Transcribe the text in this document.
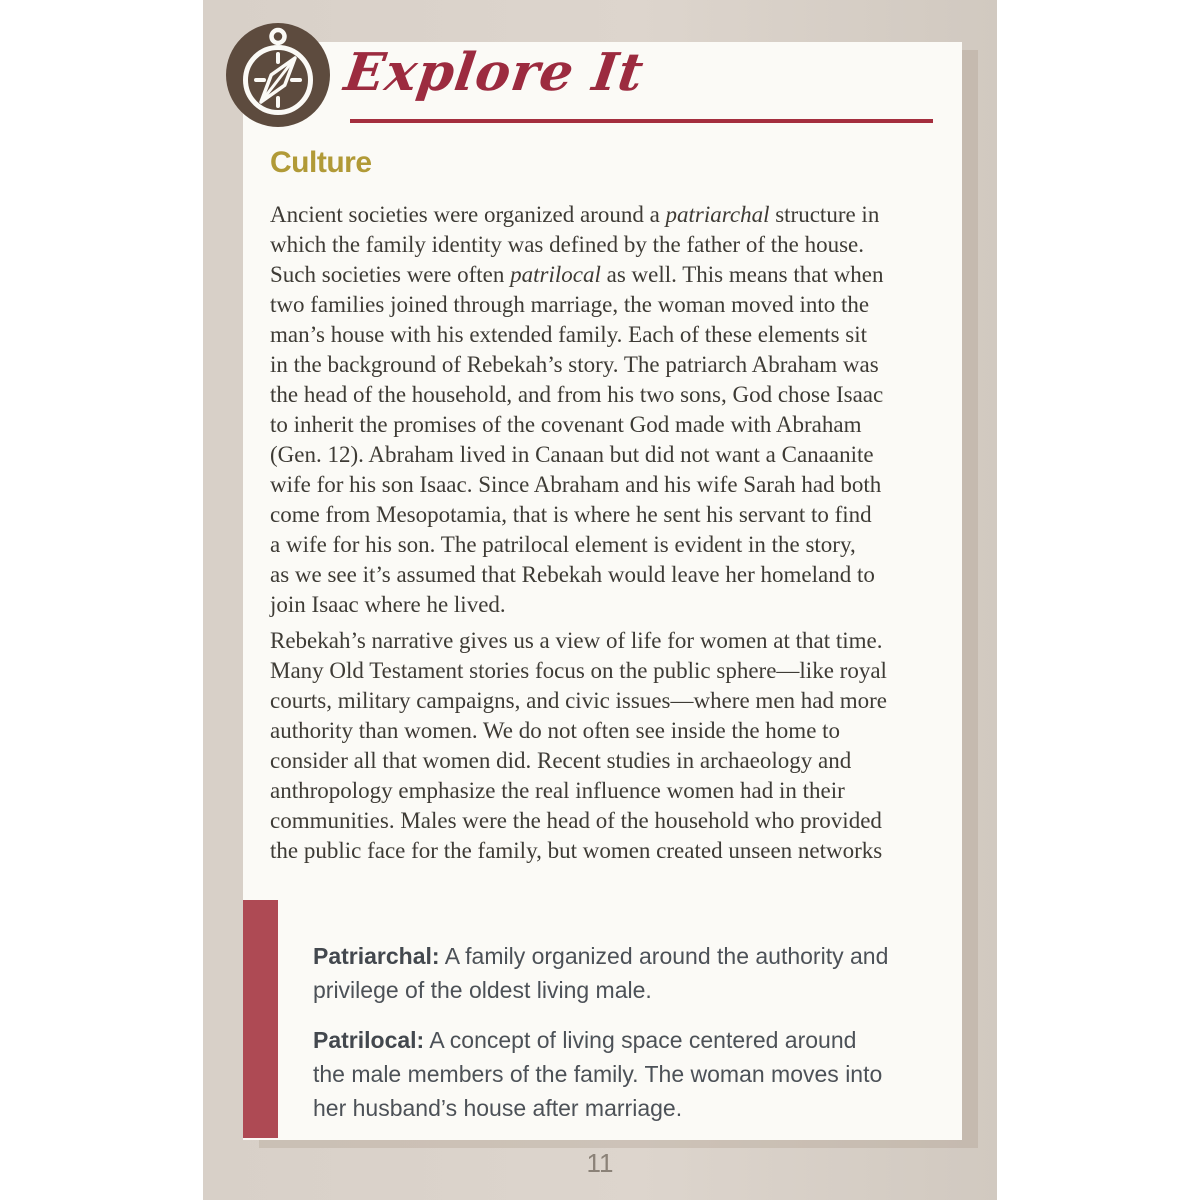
Explore It
Culture
Ancient societies were organized around a patriarchal structure in
which the family identity was defined by the father of the house.
Such societies were often patrilocal as well. This means that when
two families joined through marriage, the woman moved into the
man’s house with his extended family. Each of these elements sit
in the background of Rebekah’s story. The patriarch Abraham was
the head of the household, and from his two sons, God chose Isaac
to inherit the promises of the covenant God made with Abraham
(Gen. 12). Abraham lived in Canaan but did not want a Canaanite
wife for his son Isaac. Since Abraham and his wife Sarah had both
come from Mesopotamia, that is where he sent his servant to find
a wife for his son. The patrilocal element is evident in the story,
as we see it’s assumed that Rebekah would leave her homeland to
join Isaac where he lived.
Rebekah’s narrative gives us a view of life for women at that time.
Many Old Testament stories focus on the public sphere—like royal
courts, military campaigns, and civic issues—where men had more
authority than women. We do not often see inside the home to
consider all that women did. Recent studies in archaeology and
anthropology emphasize the real influence women had in their
communities. Males were the head of the household who provided
the public face for the family, but women created unseen networks

Patriarchal: A family organized around the authority and
privilege of the oldest living male.

Patrilocal: A concept of living space centered around
the male members of the family. The woman moves into
her husband’s house after marriage.

11
